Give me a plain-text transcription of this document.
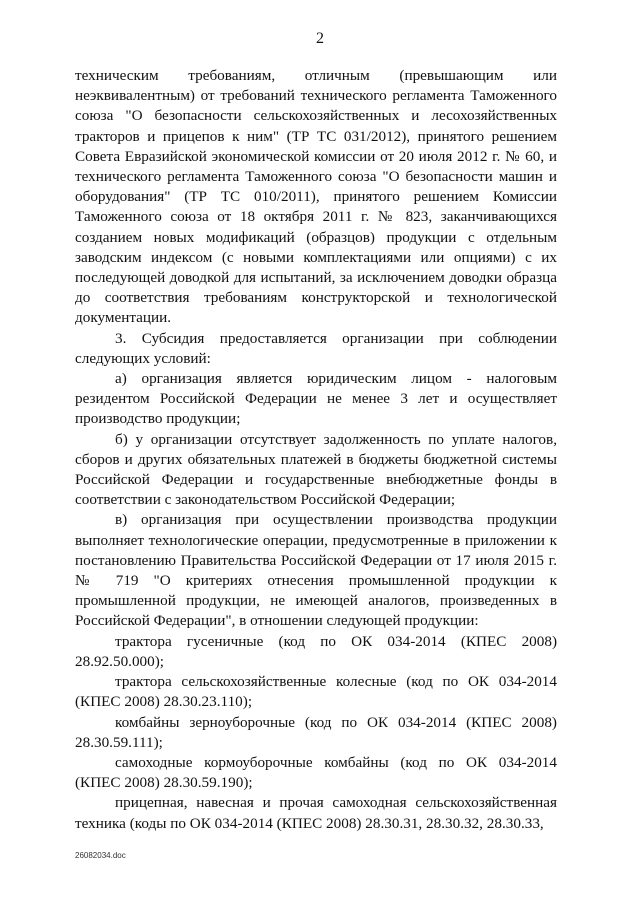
2

техническим требованиям, отличным (превышающим или неэквивалентным) от требований технического регламента Таможенного союза "О безопасности сельскохозяйственных и лесохозяйственных тракторов и прицепов к ним" (ТР ТС 031/2012), принятого решением Совета Евразийской экономической комиссии от 20 июля 2012 г. № 60, и технического регламента Таможенного союза "О безопасности машин и оборудования" (ТР ТС 010/2011), принятого решением Комиссии Таможенного союза от 18 октября 2011 г. № 823, заканчивающихся созданием новых модификаций (образцов) продукции с отдельным заводским индексом (с новыми комплектациями или опциями) с их последующей доводкой для испытаний, за исключением доводки образца до соответствия требованиям конструкторской и технологической документации.

3. Субсидия предоставляется организации при соблюдении следующих условий:

а) организация является юридическим лицом - налоговым резидентом Российской Федерации не менее 3 лет и осуществляет производство продукции;

б) у организации отсутствует задолженность по уплате налогов, сборов и других обязательных платежей в бюджеты бюджетной системы Российской Федерации и государственные внебюджетные фонды в соответствии с законодательством Российской Федерации;

в) организация при осуществлении производства продукции выполняет технологические операции, предусмотренные в приложении к постановлению Правительства Российской Федерации от 17 июля 2015 г. № 719 "О критериях отнесения промышленной продукции к промышленной продукции, не имеющей аналогов, произведенных в Российской Федерации", в отношении следующей продукции:

трактора гусеничные (код по ОК 034-2014 (КПЕС 2008) 28.92.50.000);

трактора сельскохозяйственные колесные (код по ОК 034-2014 (КПЕС 2008) 28.30.23.110);

комбайны зерноуборочные (код по ОК 034-2014 (КПЕС 2008) 28.30.59.111);

самоходные кормоуборочные комбайны (код по ОК 034-2014 (КПЕС 2008) 28.30.59.190);

прицепная, навесная и прочая самоходная сельскохозяйственная техника (коды по ОК 034-2014 (КПЕС 2008) 28.30.31, 28.30.32, 28.30.33,

26082034.doc
